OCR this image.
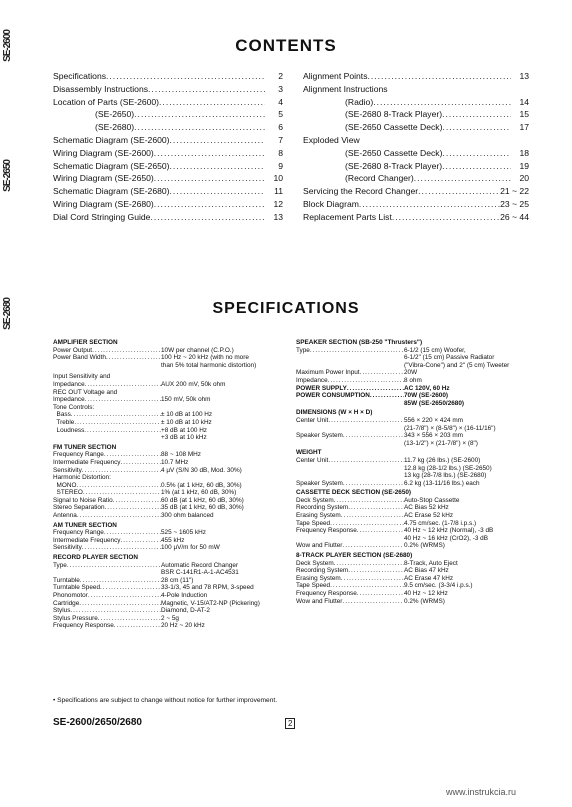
SE-2600
SE-2650
SE-2680
CONTENTS
Specifications .....	2
Disassembly Instructions .....	3
Location of Parts (SE-2600) .....	4
(SE-2650) .....	5
(SE-2680) .....	6
Schematic Diagram (SE-2600) .....	7
Wiring Diagram (SE-2600) .....	8
Schematic Diagram (SE-2650) .....	9
Wiring Diagram (SE-2650) .....	10
Schematic Diagram (SE-2680) .....	11
Wiring Diagram (SE-2680) .....	12
Dial Cord Stringing Guide .....	13
Alignment Points .....	13
Alignment Instructions
(Radio) .....	14
(SE-2680 8-Track Player) .....	15
(SE-2650 Cassette Deck) .....	17
Exploded View
(SE-2650 Cassette Deck) .....	18
(SE-2680 8-Track Player) .....	19
(Record Changer) .....	20
Servicing the Record Changer .....	21 ~ 22
Block Diagram .....	23 ~ 25
Replacement Parts List .....	26 ~ 44
SPECIFICATIONS
AMPLIFIER SECTION
Power Output .....	10W per channel (C.P.O.)
Power Band Width .....	100 Hz ~ 20 kHz (with no more
than 5% total harmonic distortion)
Input Sensitivity and
Impedance .....	AUX 200 mV, 50k ohm
REC OUT Voltage and
Impedance .....	150 mV, 50k ohm
Tone Controls:
Bass .....	± 10 dB at 100 Hz
Treble .....	± 10 dB at 10 kHz
Loudness .....	+8 dB at 100 Hz
+3 dB at 10 kHz
FM TUNER SECTION
Frequency Range .....	88 ~ 108 MHz
Intermediate Frequency .....	10.7 MHz
Sensitivity .....	4 µV (S/N 30 dB, Mod. 30%)
Harmonic Distortion:
MONO .....	0.5% (at 1 kHz, 60 dB, 30%)
STEREO .....	1% (at 1 kHz, 60 dB, 30%)
Signal to Noise Ratio .....	60 dB (at 1 kHz, 60 dB, 30%)
Stereo Separation .....	35 dB (at 1 kHz, 60 dB, 30%)
Antenna .....	300 ohm balanced
AM TUNER SECTION
Frequency Range .....	525 ~ 1605 kHz
Intermediate Frequency .....	455 kHz
Sensitivity .....	100 µV/m for 50 mW
RECORD PLAYER SECTION
Type .....	Automatic Record Changer
BSR C-141R1-A-1-AC4531
Turntable .....	28 cm (11")
Turntable Speed .....	33-1/3, 45 and 78 RPM, 3-speed
Phonomotor .....	4-Pole Induction
Cartridge .....	Magnetic, V-15/AT2-NP (Pickering)
Stylus .....	Diamond, D-AT-2
Stylus Pressure .....	2 ~ 5g
Frequency Response .....	20 Hz ~ 20 kHz
SPEAKER SECTION (SB-250 "Thrusters")
Type .....	6-1/2 (15 cm) Woofer,
6-1/2" (15 cm) Passive Radiator
("Vibra-Cone") and 2" (5 cm) Tweeter
Maximum Power Input .....	20W
Impedance .....	8 ohm
POWER SUPPLY .....	AC 120V, 60 Hz
POWER CONSUMPTION .....	70W (SE-2600)
85W (SE-2650/2680)
DIMENSIONS (W × H × D)
Center Unit .....	556 × 220 × 424 mm
(21-7/8") × (8-5/8") × (16-11/16")
Speaker System .....	343 × 556 × 203 mm
(13-1/2") × (21-7/8") × (8")
WEIGHT
Center Unit .....	11.7 kg (26 lbs.) (SE-2600)
12.8 kg (28-1/2 lbs.) (SE-2650)
13 kg (28-7/8 lbs.) (SE-2680)
Speaker System .....	6.2 kg (13-11/16 lbs.) each
CASSETTE DECK SECTION (SE-2650)
Deck System .....	Auto-Stop Cassette
Recording System .....	AC Bias 52 kHz
Erasing System .....	AC Erase 52 kHz
Tape Speed .....	4.75 cm/sec. (1-7/8 i.p.s.)
Frequency Response .....	40 Hz ~ 12 kHz (Normal), -3 dB
40 Hz ~ 16 kHz (CrO2), -3 dB
Wow and Flutter .....	0.2% (WRMS)
8-TRACK PLAYER SECTION (SE-2680)
Deck System .....	8-Track, Auto Eject
Recording System .....	AC Bias 47 kHz
Erasing System .....	AC Erase 47 kHz
Tape Speed .....	9.5 cm/sec. (3-3/4 i.p.s.)
Frequency Response .....	40 Hz ~ 12 kHz
Wow and Flutter .....	0.2% (WRMS)
• Specifications are subject to change without notice for further improvement.
SE-2600/2650/2680	2
www.instrukcia.ru
